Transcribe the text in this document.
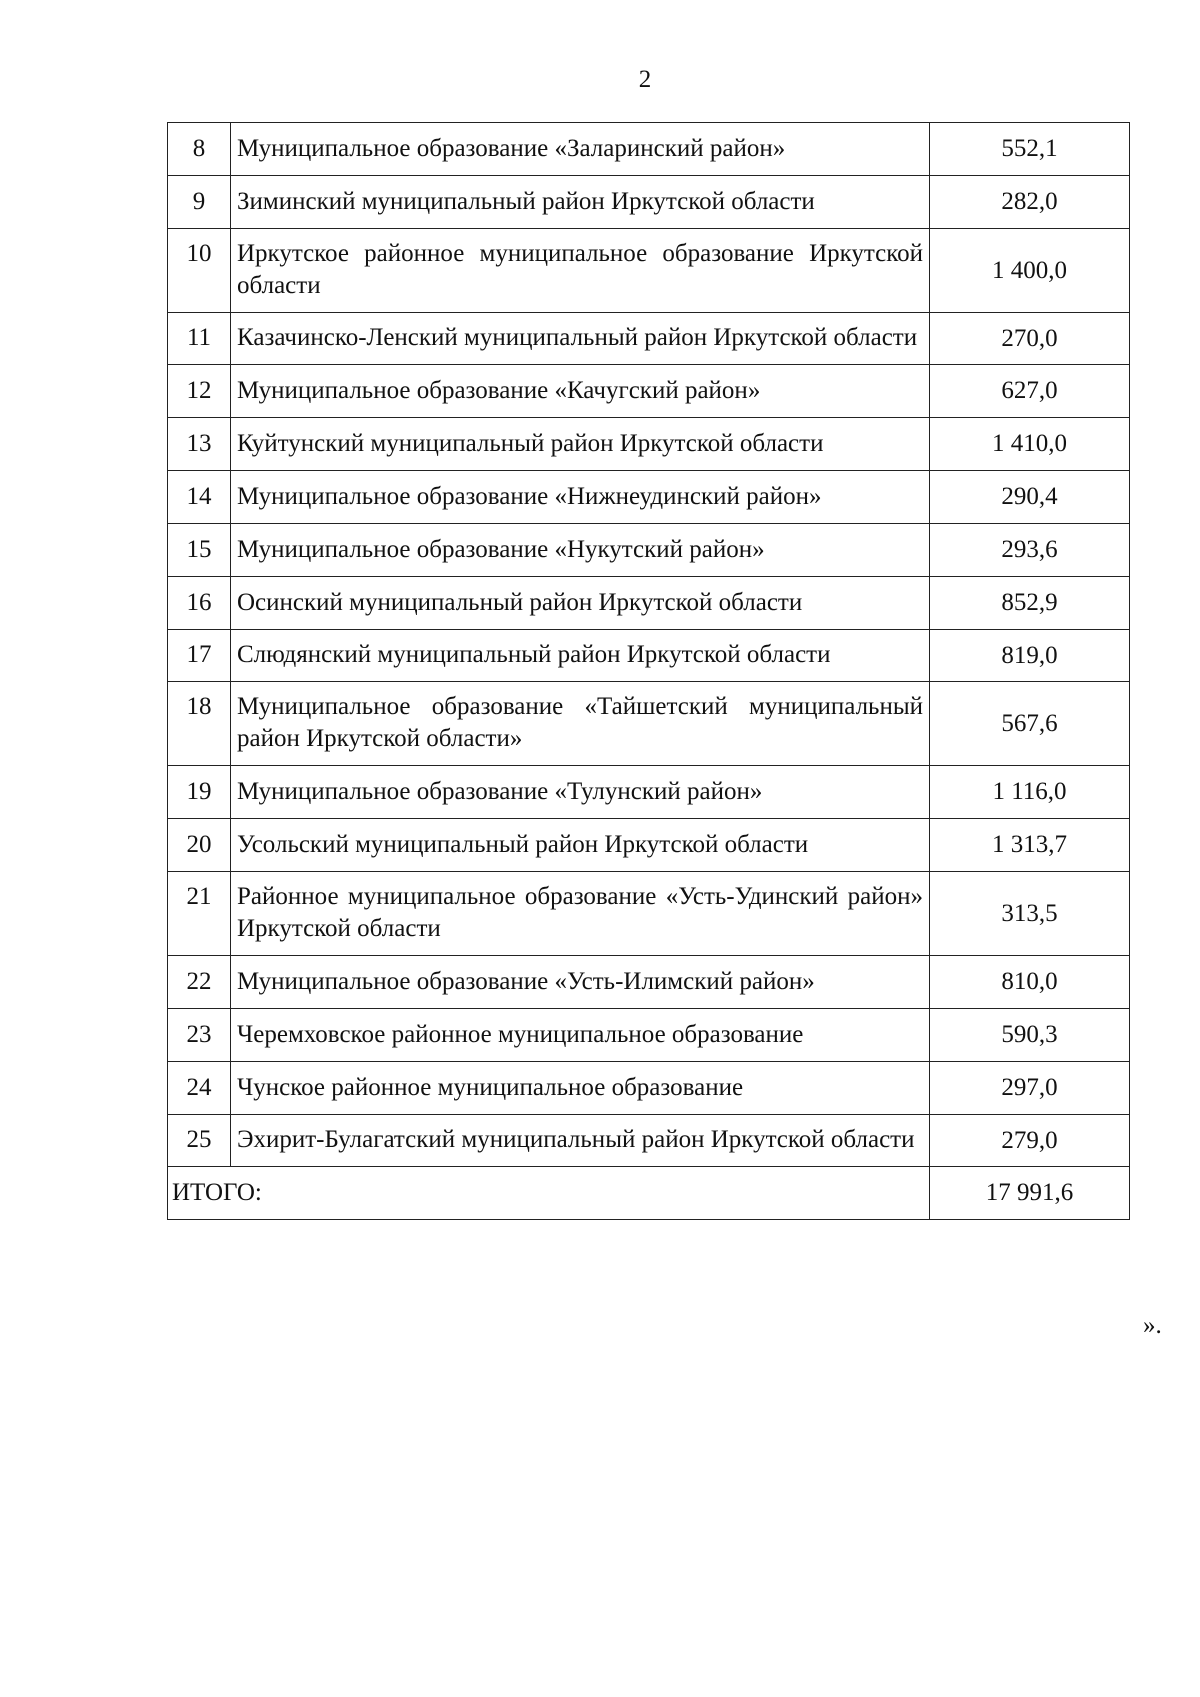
2
8	Муниципальное образование «Заларинский район»	552,1
9	Зиминский муниципальный район Иркутской области	282,0
10	Иркутское районное муниципальное образование Иркутской области	1 400,0
11	Казачинско-Ленский муниципальный район Иркутской области	270,0
12	Муниципальное образование «Качугский район»	627,0
13	Куйтунский муниципальный район Иркутской области	1 410,0
14	Муниципальное образование «Нижнеудинский район»	290,4
15	Муниципальное образование «Нукутский район»	293,6
16	Осинский муниципальный район Иркутской области	852,9
17	Слюдянский муниципальный район Иркутской области	819,0
18	Муниципальное образование «Тайшетский муниципальный район Иркутской области»	567,6
19	Муниципальное образование «Тулунский район»	1 116,0
20	Усольский муниципальный район Иркутской области	1 313,7
21	Районное муниципальное образование «Усть-Удинский район» Иркутской области	313,5
22	Муниципальное образование «Усть-Илимский район»	810,0
23	Черемховское районное муниципальное образование	590,3
24	Чунское районное муниципальное образование	297,0
25	Эхирит-Булагатский муниципальный район Иркутской области	279,0
ИТОГО:		17 991,6
».
